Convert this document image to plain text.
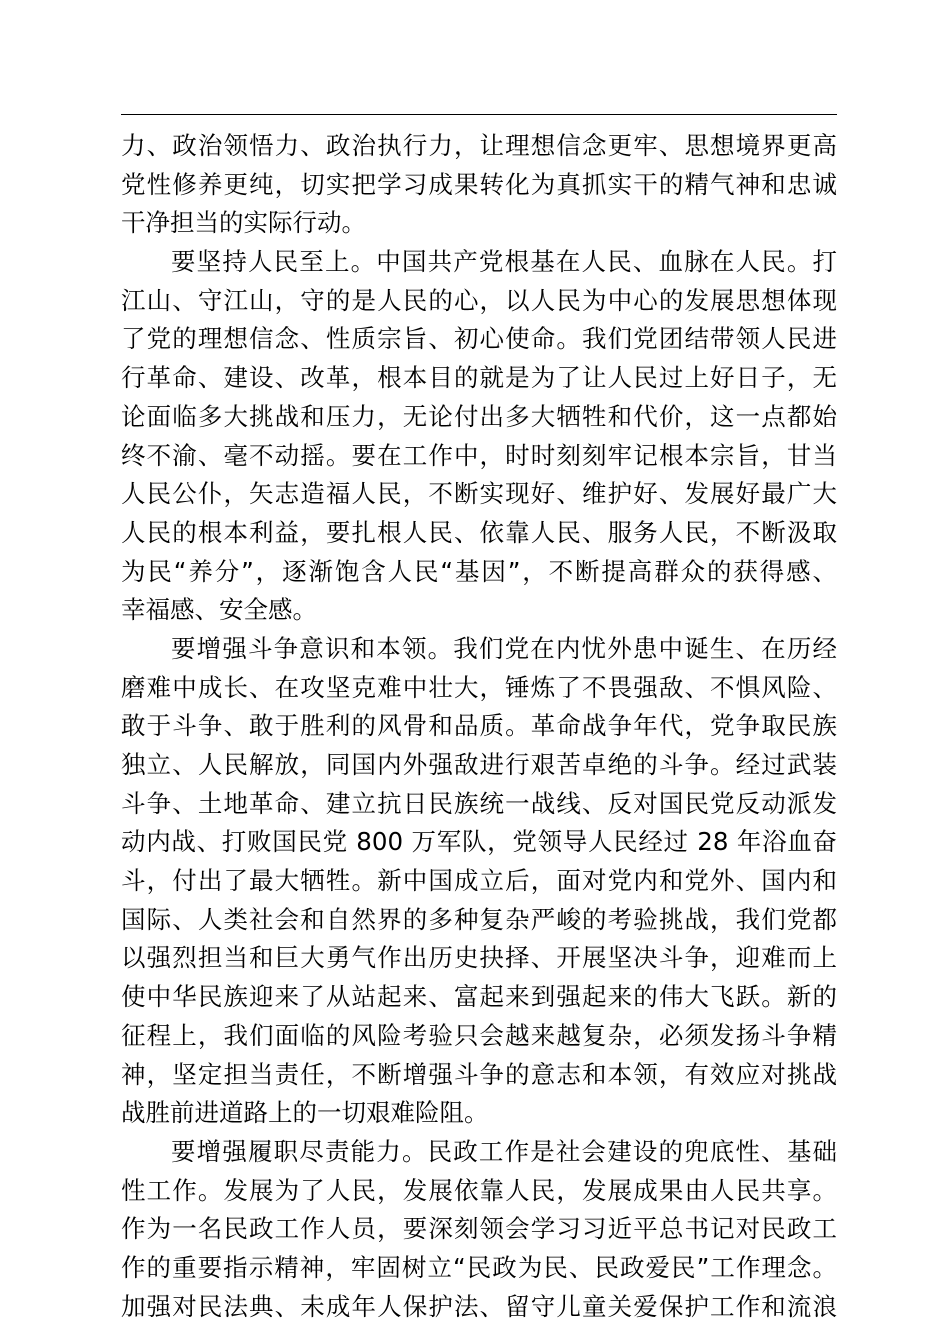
力、政治领悟力、政治执行力，让理想信念更牢、思想境界更高
党性修养更纯，切实把学习成果转化为真抓实干的精气神和忠诚
干净担当的实际行动。
要坚持人民至上。中国共产党根基在人民、血脉在人民。打
江山、守江山，守的是人民的心，以人民为中心的发展思想体现
了党的理想信念、性质宗旨、初心使命。我们党团结带领人民进
行革命、建设、改革，根本目的就是为了让人民过上好日子，无
论面临多大挑战和压力，无论付出多大牺牲和代价，这一点都始
终不渝、毫不动摇。要在工作中，时时刻刻牢记根本宗旨，甘当
人民公仆，矢志造福人民，不断实现好、维护好、发展好最广大
人民的根本利益，要扎根人民、依靠人民、服务人民，不断汲取
为民“养分”，逐渐饱含人民“基因”，不断提高群众的获得感、
幸福感、安全感。
要增强斗争意识和本领。我们党在内忧外患中诞生、在历经
磨难中成长、在攻坚克难中壮大，锤炼了不畏强敌、不惧风险、
敢于斗争、敢于胜利的风骨和品质。革命战争年代，党争取民族
独立、人民解放，同国内外强敌进行艰苦卓绝的斗争。经过武装
斗争、土地革命、建立抗日民族统一战线、反对国民党反动派发
动内战、打败国民党 800 万军队，党领导人民经过 28 年浴血奋
斗，付出了最大牺牲。新中国成立后，面对党内和党外、国内和
国际、人类社会和自然界的多种复杂严峻的考验挑战，我们党都
以强烈担当和巨大勇气作出历史抉择、开展坚决斗争，迎难而上
使中华民族迎来了从站起来、富起来到强起来的伟大飞跃。新的
征程上，我们面临的风险考验只会越来越复杂，必须发扬斗争精
神，坚定担当责任，不断增强斗争的意志和本领，有效应对挑战
战胜前进道路上的一切艰难险阻。
要增强履职尽责能力。民政工作是社会建设的兜底性、基础
性工作。发展为了人民，发展依靠人民，发展成果由人民共享。
作为一名民政工作人员，要深刻领会学习习近平总书记对民政工
作的重要指示精神，牢固树立“民政为民、民政爱民”工作理念。
加强对民法典、未成年人保护法、留守儿童关爱保护工作和流浪
